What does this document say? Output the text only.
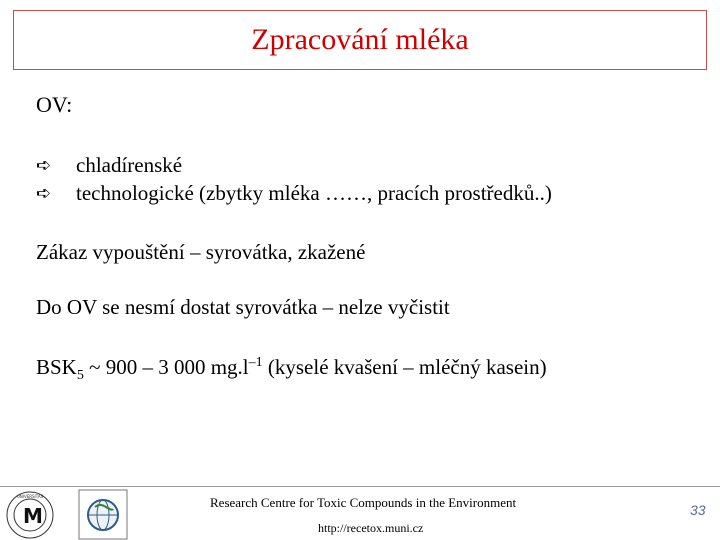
Zpracování mléka
OV:
➪	chladírenské
➪	technologické (zbytky mléka ……, pracích prostředků..)
Zákaz vypouštění – syrovátka, zkažené
Do OV se nesmí dostat syrovátka – nelze vyčistit
$BSK_5$ ~ 900 – 3 000 $mg.l^{-1}$ (kyselé kvašení – mléčný kasein)
M
UNIVERSITAS	Research Centre for Toxic Compounds in the Environment
http://recetox.muni.cz
33
